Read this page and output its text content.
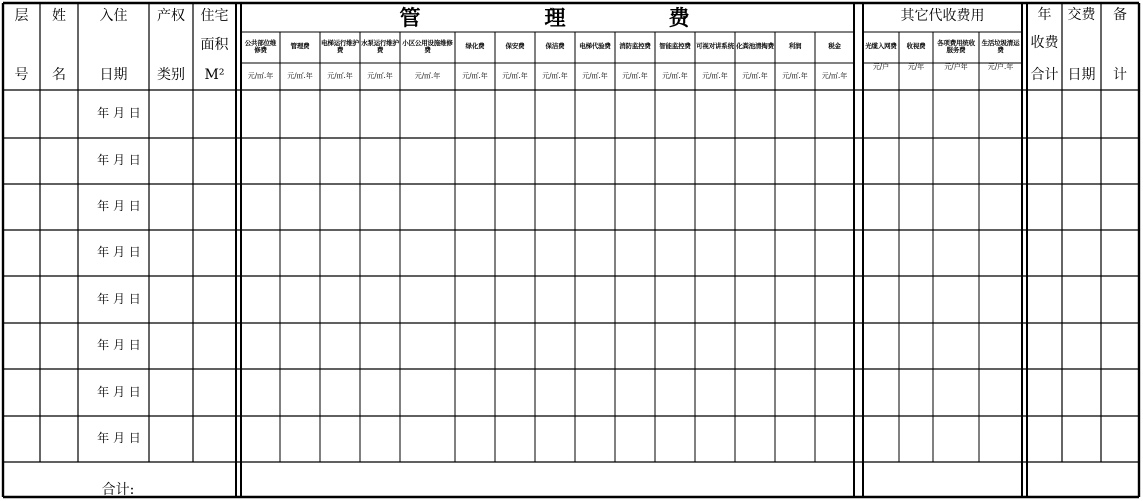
层
号
姓
名
入住
日期
产权
类别
住宅
面积
M²
管	理	费
公共部位维修费
元/㎡.年
管理费
元/㎡.年
电梯运行维护费
元/㎡.年
水泵运行维护费
元/㎡.年
小区公用设施维修费
元/㎡.年
绿化费
元/㎡.年
保安费
元/㎡.年
保洁费
元/㎡.年
电梯代验费
元/㎡.年
消防监控费
元/㎡.年
智能监控费
元/㎡.年
可视对讲系统
元/㎡.年
化粪池清掏费
元/㎡.年
利润
元/㎡.年
税金
元/㎡.年
其它代收费用
光缆入网费
元/户
收视费
元/年
各项费用统收服务费
元/户年
生活垃圾清运费
元/户.年
年
收费
合计
交费
日期
备
计
年 月 日
年 月 日
年 月 日
年 月 日
年 月 日
年 月 日
年 月 日
年 月 日
合计:
